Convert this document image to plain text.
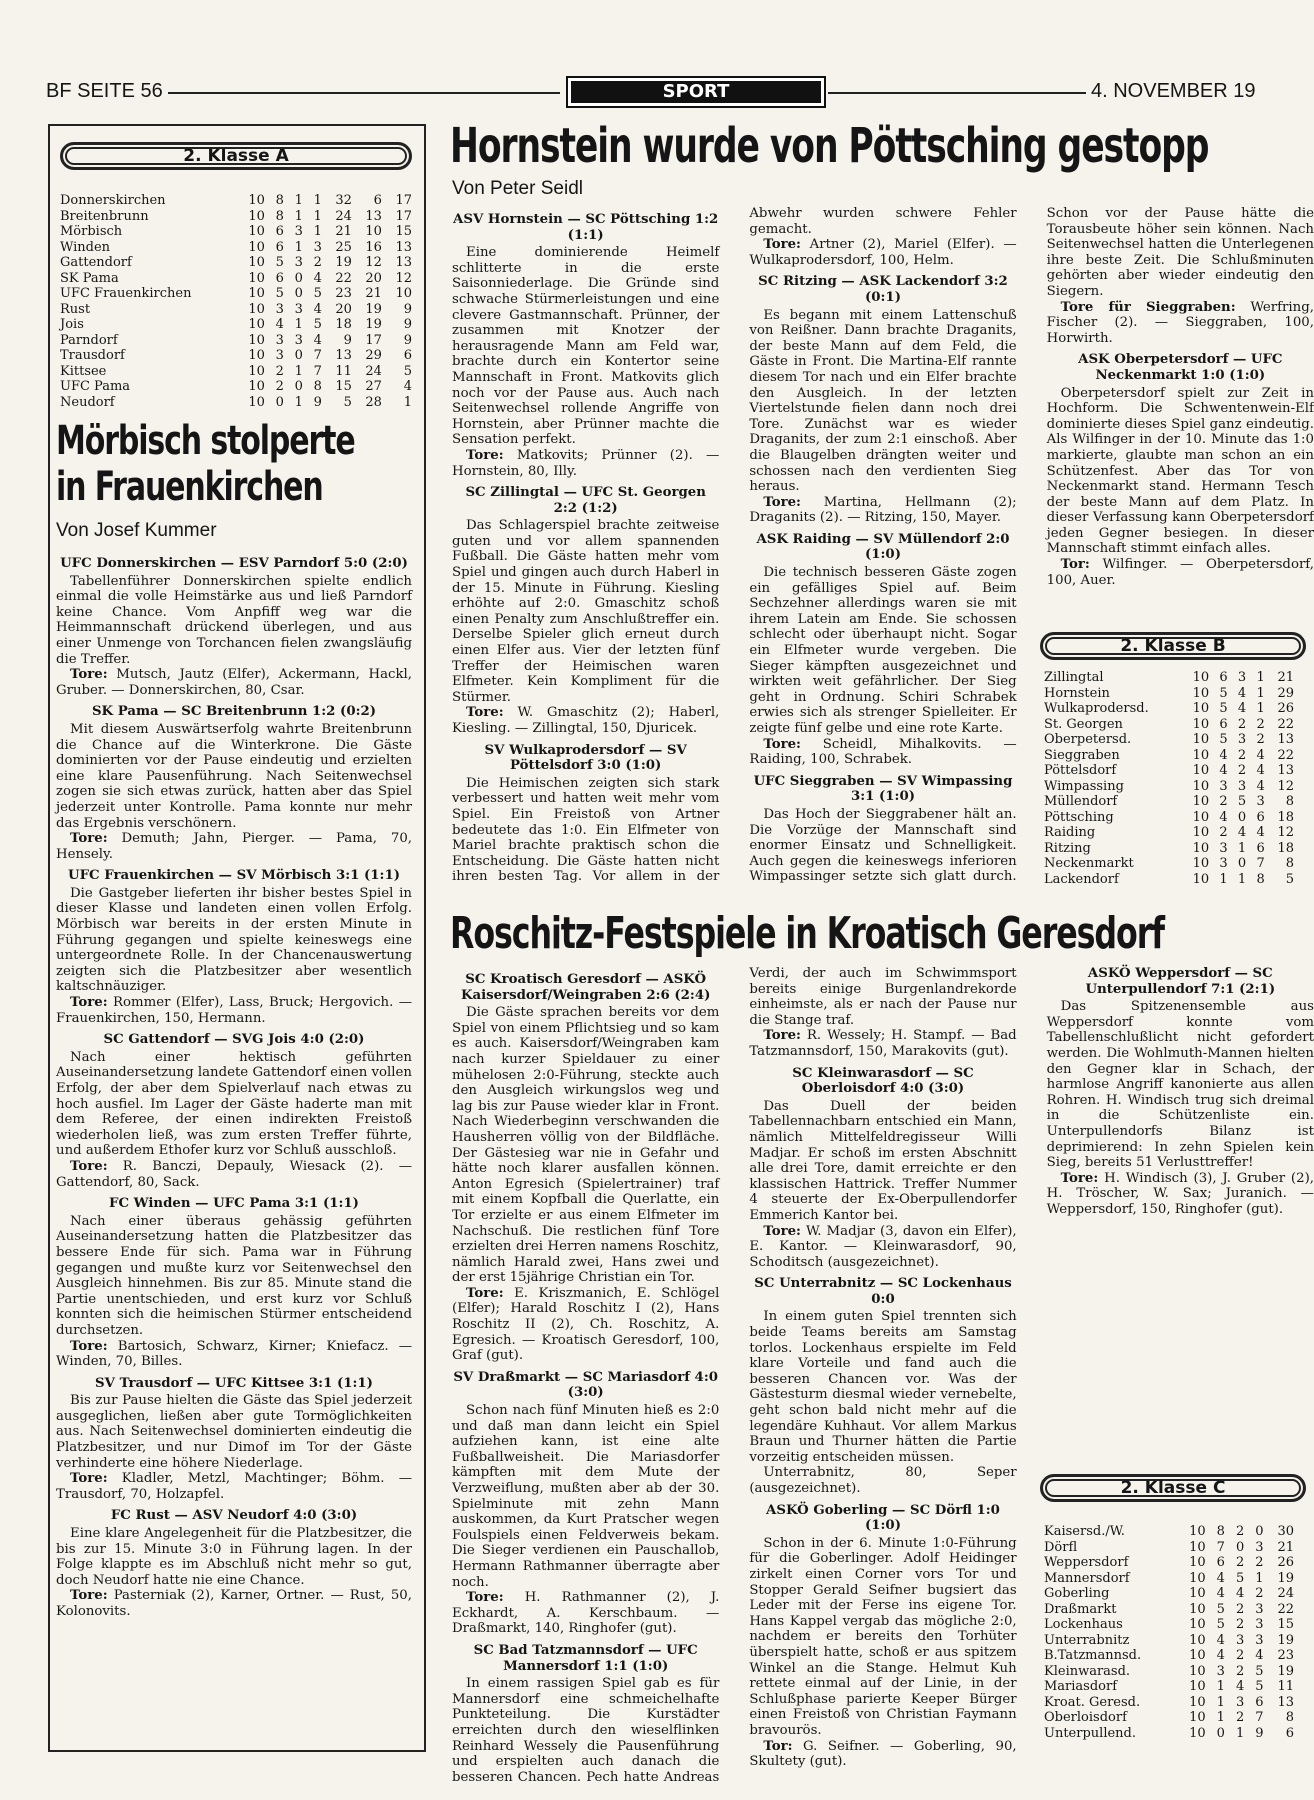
BF SEITE 56	SPORT	4. NOVEMBER 19
2. Klasse A
Donnerskirchen	10	8	1	1	32	6	17
Breitenbrunn	10	8	1	1	24	13	17
Mörbisch	10	6	3	1	21	10	15
Winden	10	6	1	3	25	16	13
Gattendorf	10	5	3	2	19	12	13
SK Pama	10	6	0	4	22	20	12
UFC Frauenkirchen	10	5	0	5	23	21	10
Rust	10	3	3	4	20	19	9
Jois	10	4	1	5	18	19	9
Parndorf	10	3	3	4	9	17	9
Trausdorf	10	3	0	7	13	29	6
Kittsee	10	2	1	7	11	24	5
UFC Pama	10	2	0	8	15	27	4
Neudorf	10	0	1	9	5	28	1
Mörbisch stolperte
in Frauenkirchen
Von Josef Kummer
UFC Donnerskirchen — ESV Parndorf 5:0 (2:0)

Tabellenführer Donnerskirchen spielte endlich einmal die volle Heimstärke aus und ließ Parndorf keine Chance. Vom Anpfiff weg war die Heimmannschaft drückend überlegen, und aus einer Unmenge von Torchancen fielen zwangsläufig die Treffer.

Tore: Mutsch, Jautz (Elfer), Ackermann, Hackl, Gruber. — Donnerskirchen, 80, Csar.

SK Pama — SC Breitenbrunn 1:2 (0:2)

Mit diesem Auswärtserfolg wahrte Breitenbrunn die Chance auf die Winterkrone. Die Gäste dominierten vor der Pause eindeutig und erzielten eine klare Pausenführung. Nach Seitenwechsel zogen sie sich etwas zurück, hatten aber das Spiel jederzeit unter Kontrolle. Pama konnte nur mehr das Ergebnis verschönern.

Tore: Demuth; Jahn, Pierger. — Pama, 70, Hensely.

UFC Frauenkirchen — SV Mörbisch 3:1 (1:1)

Die Gastgeber lieferten ihr bisher bestes Spiel in dieser Klasse und landeten einen vollen Erfolg. Mörbisch war bereits in der ersten Minute in Führung gegangen und spielte keineswegs eine untergeordnete Rolle. In der Chancenauswertung zeigten sich die Platzbesitzer aber wesentlich kaltschnäuziger.

Tore: Rommer (Elfer), Lass, Bruck; Hergovich. — Frauenkirchen, 150, Hermann.

SC Gattendorf — SVG Jois 4:0 (2:0)

Nach einer hektisch geführten Auseinandersetzung landete Gattendorf einen vollen Erfolg, der aber dem Spielverlauf nach etwas zu hoch ausfiel. Im Lager der Gäste haderte man mit dem Referee, der einen indirekten Freistoß wiederholen ließ, was zum ersten Treffer führte, und außerdem Ethofer kurz vor Schluß ausschloß.

Tore: R. Banczi, Depauly, Wiesack (2). — Gattendorf, 80, Sack.

FC Winden — UFC Pama 3:1 (1:1)

Nach einer überaus gehässig geführten Auseinandersetzung hatten die Platzbesitzer das bessere Ende für sich. Pama war in Führung gegangen und mußte kurz vor Seitenwechsel den Ausgleich hinnehmen. Bis zur 85. Minute stand die Partie unentschieden, und erst kurz vor Schluß konnten sich die heimischen Stürmer entscheidend durchsetzen.

Tore: Bartosich, Schwarz, Kirner; Kniefacz. — Winden, 70, Billes.

SV Trausdorf — UFC Kittsee 3:1 (1:1)

Bis zur Pause hielten die Gäste das Spiel jederzeit ausgeglichen, ließen aber gute Tormöglichkeiten aus. Nach Seitenwechsel dominierten eindeutig die Platzbesitzer, und nur Dimof im Tor der Gäste verhinderte eine höhere Niederlage.

Tore: Kladler, Metzl, Machtinger; Böhm. — Trausdorf, 70, Holzapfel.

FC Rust — ASV Neudorf 4:0 (3:0)

Eine klare Angelegenheit für die Platzbesitzer, die bis zur 15. Minute 3:0 in Führung lagen. In der Folge klappte es im Abschluß nicht mehr so gut, doch Neudorf hatte nie eine Chance.

Tore: Pasterniak (2), Karner, Ortner. — Rust, 50, Kolonovits.

Hornstein wurde von Pöttsching gestopp
Von Peter Seidl
ASV Hornstein — SC Pöttsching 1:2 (1:1)

Eine dominierende Heimelf schlitterte in die erste Saisonniederlage. Die Gründe sind schwache Stürmerleistungen und eine clevere Gastmannschaft. Prünner, der zusammen mit Knotzer der herausragende Mann am Feld war, brachte durch ein Kontertor seine Mannschaft in Front. Matkovits glich noch vor der Pause aus. Auch nach Seitenwechsel rollende Angriffe von Hornstein, aber Prünner machte die Sensation perfekt.

Tore: Matkovits; Prünner (2). — Hornstein, 80, Illy.

SC Zillingtal — UFC St. Georgen 2:2 (1:2)

Das Schlagerspiel brachte zeitweise guten und vor allem spannenden Fußball. Die Gäste hatten mehr vom Spiel und gingen auch durch Haberl in der 15. Minute in Führung. Kiesling erhöhte auf 2:0. Gmaschitz schoß einen Penalty zum Anschlußtreffer ein. Derselbe Spieler glich erneut durch einen Elfer aus. Vier der letzten fünf Treffer der Heimischen waren Elfmeter. Kein Kompliment für die Stürmer.

Tore: W. Gmaschitz (2); Haberl, Kiesling. — Zillingtal, 150, Djuricek.

SV Wulkaprodersdorf — SV Pöttelsdorf 3:0 (1:0)

Die Heimischen zeigten sich stark verbessert und hatten weit mehr vom Spiel. Ein Freistoß von Artner bedeutete das 1:0. Ein Elfmeter von Mariel brachte praktisch schon die Entscheidung. Die Gäste hatten nicht ihren besten Tag. Vor allem in der Abwehr wurden schwere Fehler gemacht.

Tore: Artner (2), Mariel (Elfer). — Wulkaprodersdorf, 100, Helm.

SC Ritzing — ASK Lackendorf 3:2 (0:1)

Es begann mit einem Lattenschuß von Reißner. Dann brachte Draganits, der beste Mann auf dem Feld, die Gäste in Front. Die Martina-Elf rannte diesem Tor nach und ein Elfer brachte den Ausgleich. In der letzten Viertelstunde fielen dann noch drei Tore. Zunächst war es wieder Draganits, der zum 2:1 einschoß. Aber die Blaugelben drängten weiter und schossen nach den verdienten Sieg heraus.

Tore: Martina, Hellmann (2); Draganits (2). — Ritzing, 150, Mayer.

ASK Raiding — SV Müllendorf 2:0 (1:0)

Die technisch besseren Gäste zogen ein gefälliges Spiel auf. Beim Sechzehner allerdings waren sie mit ihrem Latein am Ende. Sie schossen schlecht oder überhaupt nicht. Sogar ein Elfmeter wurde vergeben. Die Sieger kämpften ausgezeichnet und wirkten weit gefährlicher. Der Sieg geht in Ordnung. Schiri Schrabek erwies sich als strenger Spielleiter. Er zeigte fünf gelbe und eine rote Karte.

Tore: Scheidl, Mihalkovits. — Raiding, 100, Schrabek.

UFC Sieggraben — SV Wimpassing 3:1 (1:0)

Das Hoch der Sieggrabener hält an. Die Vorzüge der Mannschaft sind enormer Einsatz und Schnelligkeit. Auch gegen die keineswegs inferioren Wimpassinger setzte sich glatt durch. Schon vor der Pause hätte die Torausbeute höher sein können. Nach Seitenwechsel hatten die Unterlegenen ihre beste Zeit. Die Schlußminuten gehörten aber wieder eindeutig den Siegern.

Tore für Sieggraben: Werfring, Fischer (2). — Sieggraben, 100, Horwirth.

ASK Oberpetersdorf — UFC Neckenmarkt 1:0 (1:0)

Oberpetersdorf spielt zur Zeit in Hochform. Die Schwentenwein-Elf dominierte dieses Spiel ganz eindeutig. Als Wilfinger in der 10. Minute das 1:0 markierte, glaubte man schon an ein Schützenfest. Aber das Tor von Neckenmarkt stand. Hermann Tesch der beste Mann auf dem Platz. In dieser Verfassung kann Oberpetersdorf jeden Gegner besiegen. In dieser Mannschaft stimmt einfach alles.

Tor: Wilfinger. — Oberpetersdorf, 100, Auer.

2. Klasse B
Zillingtal	10	6	3	1	21
Hornstein	10	5	4	1	29
Wulkaprodersd.	10	5	4	1	26
St. Georgen	10	6	2	2	22
Oberpetersd.	10	5	3	2	13
Sieggraben	10	4	2	4	22
Pöttelsdorf	10	4	2	4	13
Wimpassing	10	3	3	4	12
Müllendorf	10	2	5	3	8
Pöttsching	10	4	0	6	18
Raiding	10	2	4	4	12
Ritzing	10	3	1	6	18
Neckenmarkt	10	3	0	7	8
Lackendorf	10	1	1	8	5
Roschitz-Festspiele in Kroatisch Geresdorf
SC Kroatisch Geresdorf — ASKÖ Kaisersdorf/Weingraben 2:6 (2:4)

Die Gäste sprachen bereits vor dem Spiel von einem Pflichtsieg und so kam es auch. Kaisersdorf/Weingraben kam nach kurzer Spieldauer zu einer mühelosen 2:0-Führung, steckte auch den Ausgleich wirkungslos weg und lag bis zur Pause wieder klar in Front. Nach Wiederbeginn verschwanden die Hausherren völlig von der Bildfläche. Der Gästesieg war nie in Gefahr und hätte noch klarer ausfallen können. Anton Egresich (Spielertrainer) traf mit einem Kopfball die Querlatte, ein Tor erzielte er aus einem Elfmeter im Nachschuß. Die restlichen fünf Tore erzielten drei Herren namens Roschitz, nämlich Harald zwei, Hans zwei und der erst 15jährige Christian ein Tor.

Tore: E. Kriszmanich, E. Schlögel (Elfer); Harald Roschitz I (2), Hans Roschitz II (2), Ch. Roschitz, A. Egresich. — Kroatisch Geresdorf, 100, Graf (gut).

SV Draßmarkt — SC Mariasdorf 4:0 (3:0)

Schon nach fünf Minuten hieß es 2:0 und daß man dann leicht ein Spiel aufziehen kann, ist eine alte Fußballweisheit. Die Mariasdorfer kämpften mit dem Mute der Verzweiflung, mußten aber ab der 30. Spielminute mit zehn Mann auskommen, da Kurt Pratscher wegen Foulspiels einen Feldverweis bekam. Die Sieger verdienen ein Pauschallob, Hermann Rathmanner überragte aber noch.

Tore: H. Rathmanner (2), J. Eckhardt, A. Kerschbaum. — Draßmarkt, 140, Ringhofer (gut).

SC Bad Tatzmannsdorf — UFC Mannersdorf 1:1 (1:0)

In einem rassigen Spiel gab es für Mannersdorf eine schmeichelhafte Punkteteilung. Die Kurstädter erreichten durch den wieselflinken Reinhard Wessely die Pausenführung und erspielten auch danach die besseren Chancen. Pech hatte Andreas Verdi, der auch im Schwimmsport bereits einige Burgenlandrekorde einheimste, als er nach der Pause nur die Stange traf.

Tore: R. Wessely; H. Stampf. — Bad Tatzmannsdorf, 150, Marakovits (gut).

SC Kleinwarasdorf — SC Oberloisdorf 4:0 (3:0)

Das Duell der beiden Tabellennachbarn entschied ein Mann, nämlich Mittelfeldregisseur Willi Madjar. Er schoß im ersten Abschnitt alle drei Tore, damit erreichte er den klassischen Hattrick. Treffer Nummer 4 steuerte der Ex-Oberpullendorfer Emmerich Kantor bei.

Tore: W. Madjar (3, davon ein Elfer), E. Kantor. — Kleinwarasdorf, 90, Schoditsch (ausgezeichnet).

SC Unterrabnitz — SC Lockenhaus 0:0

In einem guten Spiel trennten sich beide Teams bereits am Samstag torlos. Lockenhaus erspielte im Feld klare Vorteile und fand auch die besseren Chancen vor. Was der Gästesturm diesmal wieder vernebelte, geht schon bald nicht mehr auf die legendäre Kuhhaut. Vor allem Markus Braun und Thurner hätten die Partie vorzeitig entscheiden müssen.

Unterrabnitz, 80, Seper (ausgezeichnet).

ASKÖ Goberling — SC Dörfl 1:0 (1:0)

Schon in der 6. Minute 1:0-Führung für die Goberlinger. Adolf Heidinger zirkelt einen Corner vors Tor und Stopper Gerald Seifner bugsiert das Leder mit der Ferse ins eigene Tor. Hans Kappel vergab das mögliche 2:0, nachdem er bereits den Torhüter überspielt hatte, schoß er aus spitzem Winkel an die Stange. Helmut Kuh rettete einmal auf der Linie, in der Schlußphase parierte Keeper Bürger einen Freistoß von Christian Faymann bravourös.

Tor: G. Seifner. — Goberling, 90, Skultety (gut).

ASKÖ Weppersdorf — SC Unterpullendorf 7:1 (2:1)

Das Spitzenensemble aus Weppersdorf konnte vom Tabellenschlußlicht nicht gefordert werden. Die Wohlmuth-Mannen hielten den Gegner klar in Schach, der harmlose Angriff kanonierte aus allen Rohren. H. Windisch trug sich dreimal in die Schützenliste ein. Unterpullendorfs Bilanz ist deprimierend: In zehn Spielen kein Sieg, bereits 51 Verlusttreffer!

Tore: H. Windisch (3), J. Gruber (2), H. Tröscher, W. Sax; Juranich. — Weppersdorf, 150, Ringhofer (gut).

2. Klasse C
Kaisersd./W.	10	8	2	0	30
Dörfl	10	7	0	3	21
Weppersdorf	10	6	2	2	26
Mannersdorf	10	4	5	1	19
Goberling	10	4	4	2	24
Draßmarkt	10	5	2	3	22
Lockenhaus	10	5	2	3	15
Unterrabnitz	10	4	3	3	19
B.Tatzmannsd.	10	4	2	4	23
Kleinwarasd.	10	3	2	5	19
Mariasdorf	10	1	4	5	11
Kroat. Geresd.	10	1	3	6	13
Oberloisdorf	10	1	2	7	8
Unterpullend.	10	0	1	9	6
